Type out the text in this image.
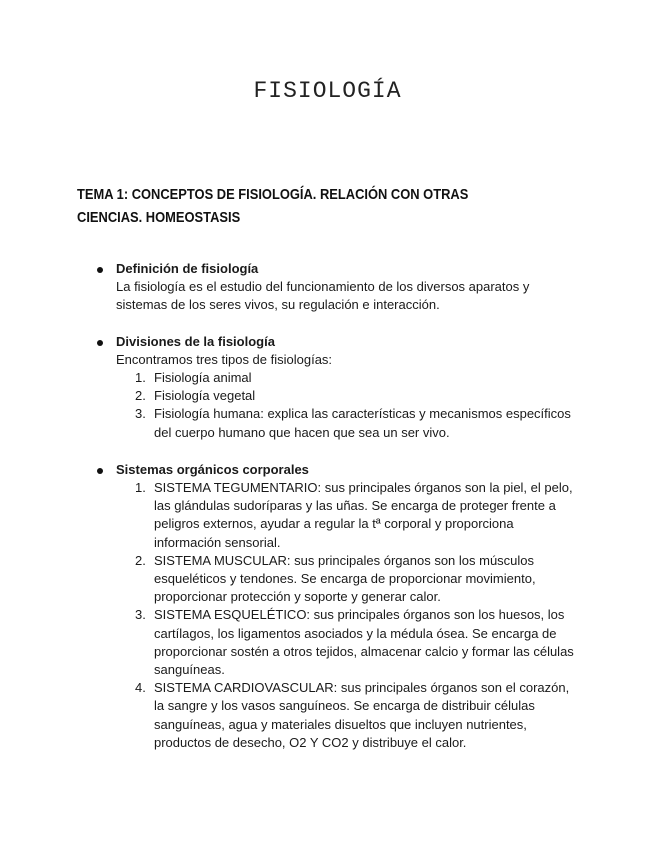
FISIOLOGÍA
TEMA 1: CONCEPTOS DE FISIOLOGÍA. RELACIÓN CON OTRAS CIENCIAS. HOMEOSTASIS
Definición de fisiología
La fisiología es el estudio del funcionamiento de los diversos aparatos y sistemas de los seres vivos, su regulación e interacción.
Divisiones de la fisiología
Encontramos tres tipos de fisiologías:
1. Fisiología animal
2. Fisiología vegetal
3. Fisiología humana: explica las características y mecanismos específicos del cuerpo humano que hacen que sea un ser vivo.
Sistemas orgánicos corporales
1. SISTEMA TEGUMENTARIO: sus principales órganos son la piel, el pelo, las glándulas sudoríparas y las uñas. Se encarga de proteger frente a peligros externos, ayudar a regular la tª corporal y proporciona información sensorial.
2. SISTEMA MUSCULAR: sus principales órganos son los músculos esqueléticos y tendones. Se encarga de proporcionar movimiento, proporcionar protección y soporte y generar calor.
3. SISTEMA ESQUELÉTICO: sus principales órganos son los huesos, los cartílagos, los ligamentos asociados y la médula ósea. Se encarga de proporcionar sostén a otros tejidos, almacenar calcio y formar las células sanguíneas.
4. SISTEMA CARDIOVASCULAR: sus principales órganos son el corazón, la sangre y los vasos sanguíneos. Se encarga de distribuir células sanguíneas, agua y materiales disueltos que incluyen nutrientes, productos de desecho, O2 Y CO2 y distribuye el calor.
